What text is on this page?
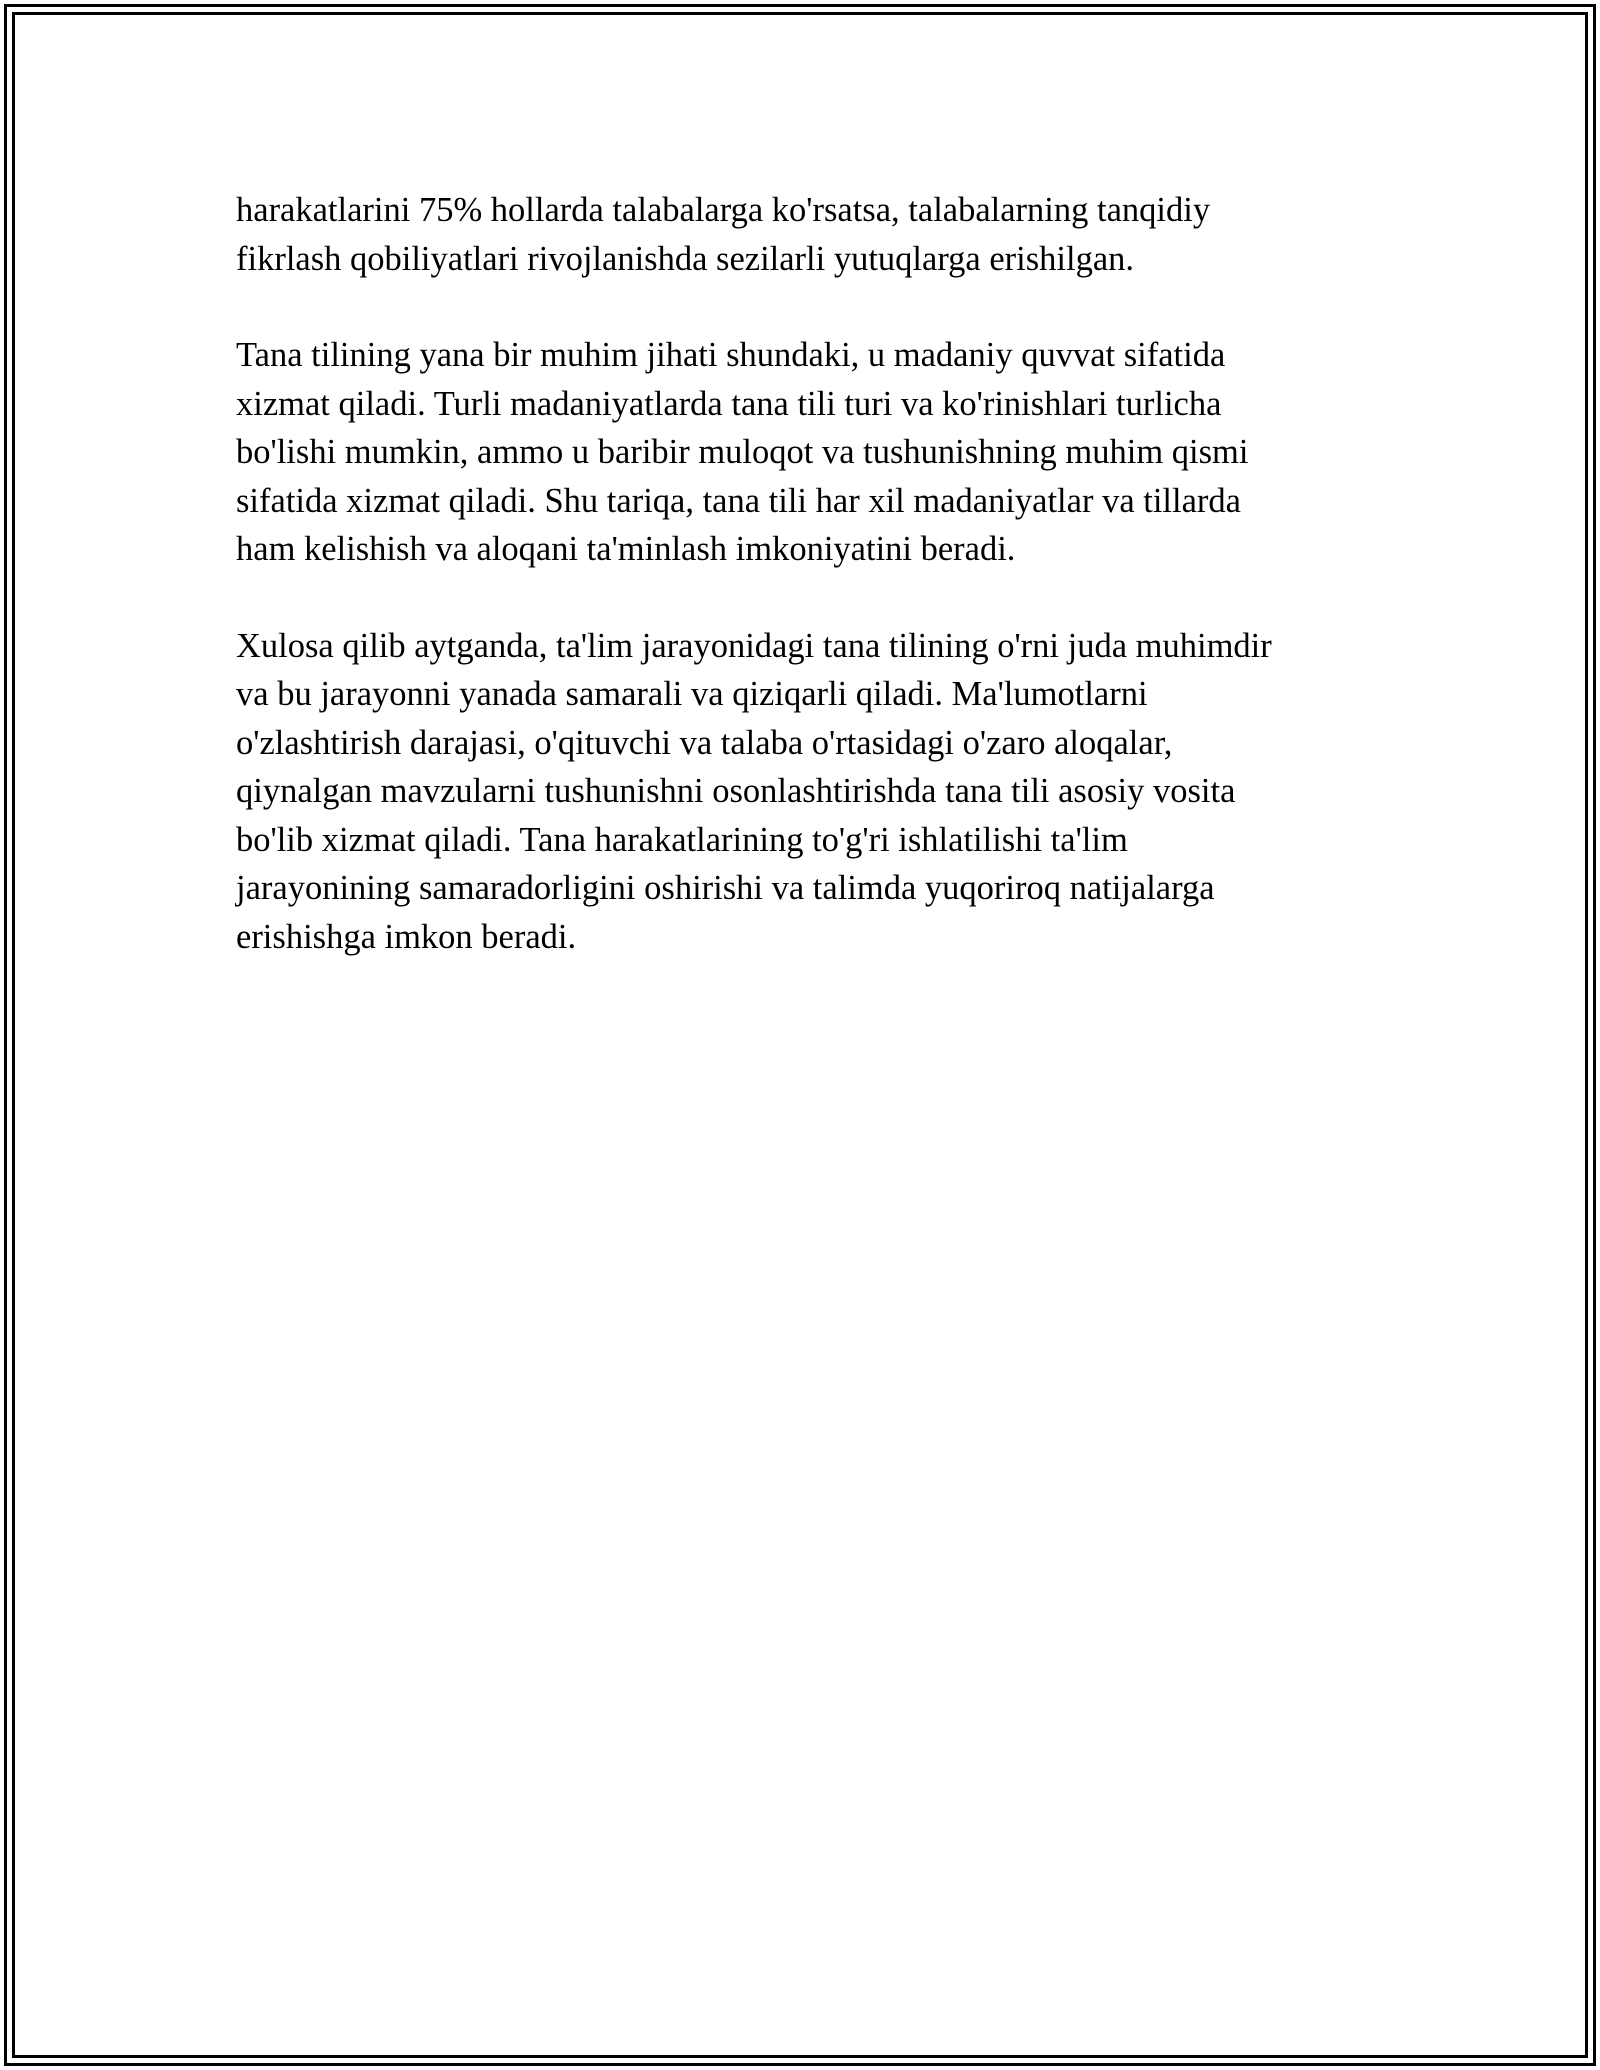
harakatlarini 75% hollarda talabalarga ko'rsatsa, talabalarning tanqidiy
fikrlash qobiliyatlari rivojlanishda sezilarli yutuqlarga erishilgan.

Tana tilining yana bir muhim jihati shundaki, u madaniy quvvat sifatida
xizmat qiladi. Turli madaniyatlarda tana tili turi va ko'rinishlari turlicha
bo'lishi mumkin, ammo u baribir muloqot va tushunishning muhim qismi
sifatida xizmat qiladi. Shu tariqa, tana tili har xil madaniyatlar va tillarda
ham kelishish va aloqani ta'minlash imkoniyatini beradi.

Xulosa qilib aytganda, ta'lim jarayonidagi tana tilining o'rni juda muhimdir
va bu jarayonni yanada samarali va qiziqarli qiladi. Ma'lumotlarni
o'zlashtirish darajasi, o'qituvchi va talaba o'rtasidagi o'zaro aloqalar,
qiynalgan mavzularni tushunishni osonlashtirishda tana tili asosiy vosita
bo'lib xizmat qiladi. Tana harakatlarining to'g'ri ishlatilishi ta'lim
jarayonining samaradorligini oshirishi va talimda yuqoriroq natijalarga
erishishga imkon beradi.
